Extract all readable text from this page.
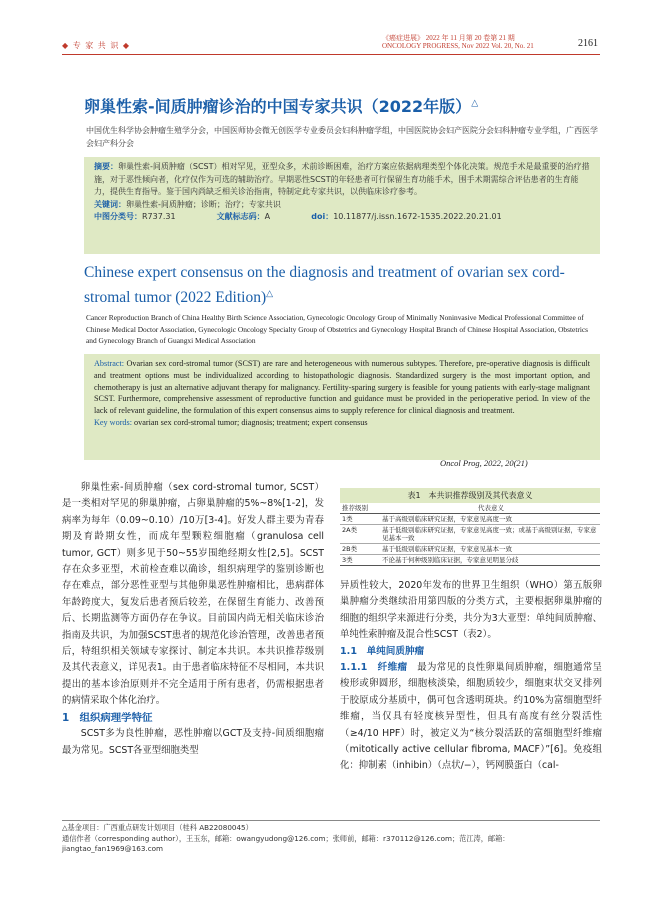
◆ 专 家 共 识 ◆
《癌症进展》 2022 年 11 月第 20 卷第 21 期
ONCOLOGY PROGRESS, Nov 2022 Vol. 20, No. 21	2161
卵巢性索-间质肿瘤诊治的中国专家共识（2022年版）△
中国优生科学协会肿瘤生殖学分会，中国医师协会微无创医学专业委员会妇科肿瘤学组，中国医院协会妇产医院分会妇科肿瘤专业学组，广西医学会妇产科分会
摘要：卵巢性索-间质肿瘤（SCST）相对罕见，亚型众多，术前诊断困难，治疗方案应依据病理类型个体化决策。规范手术是最重要的治疗措施，对于恶性倾向者，化疗仅作为可选的辅助治疗。早期恶性SCST的年轻患者可行保留生育功能手术，围手术期需综合评估患者的生育能力，提供生育指导。鉴于国内尚缺乏相关诊治指南，特制定此专家共识，以供临床诊疗参考。
关键词：卵巢性索-间质肿瘤；诊断；治疗；专家共识
中图分类号：R737.31	文献标志码：A	doi：10.11877/j.issn.1672-1535.2022.20.21.01
Chinese expert consensus on the diagnosis and treatment of ovarian sex cord-stromal tumor (2022 Edition)△
Cancer Reproduction Branch of China Healthy Birth Science Association, Gynecologic Oncology Group of Minimally Noninvasive Medical Professional Committee of Chinese Medical Doctor Association, Gynecologic Oncology Specialty Group of Obstetrics and Gynecology Hospital Branch of Chinese Hospital Association, Obstetrics and Gynecology Branch of Guangxi Medical Association
Abstract: Ovarian sex cord-stromal tumor (SCST) are rare and heterogeneous with numerous subtypes. Therefore, pre-operative diagnosis is difficult and treatment options must be individualized according to histopathologic diagnosis. Standardized surgery is the most important option, and chemotherapy is just an alternative adjuvant therapy for malignancy. Fertility-sparing surgery is feasible for young patients with early-stage malignant SCST. Furthermore, comprehensive assessment of reproductive function and guidance must be provided in the perioperative period. In view of the lack of relevant guideline, the formulation of this expert consensus aims to supply reference for clinical diagnosis and treatment.
Key words: ovarian sex cord-stromal tumor; diagnosis; treatment; expert consensus
Oncol Prog, 2022, 20(21)

卵巢性索-间质肿瘤（sex cord-stromal tumor, SCST）是一类相对罕见的卵巢肿瘤，占卵巢肿瘤的5%~8%[1-2]，发病率为每年（0.09~0.10）/10万[3-4]。好发人群主要为青春期及育龄期女性，而成年型颗粒细胞瘤（granulosa cell tumor, GCT）则多见于50~55岁围绝经期女性[2,5]。SCST存在众多亚型，术前检查难以确诊，组织病理学的鉴别诊断也存在难点，部分恶性亚型与其他卵巢恶性肿瘤相比，患病群体年龄跨度大，复发后患者预后较差，在保留生育能力、改善预后、长期监测等方面仍存在争议。目前国内尚无相关临床诊治指南及共识，为加强SCST患者的规范化诊治管理，改善患者预后，特组织相关领域专家探讨、制定本共识。本共识推荐级别及其代表意义，详见表1。由于患者临床特征不尽相同，本共识提出的基本诊治原则并不完全适用于所有患者，仍需根据患者的病情采取个体化治疗。

1　组织病理学特征

SCST多为良性肿瘤，恶性肿瘤以GCT及支持-间质细胞瘤最为常见。SCST各亚型细胞类型

表1　本共识推荐级别及其代表意义
推荐级别	代表意义
1类	基于高级别临床研究证据，专家意见高度一致
2A类	基于低级别临床研究证据，专家意见高度一致；或基于高级别证据，专家意见基本一致
2B类	基于低级别临床研究证据，专家意见基本一致
3类	不论基于何种级别临床证据，专家意见明显分歧

异质性较大，2020年发布的世界卫生组织（WHO）第五版卵巢肿瘤分类继续沿用第四版的分类方式，主要根据卵巢肿瘤的细胞的组织学来源进行分类，共分为3大亚型：单纯间质肿瘤、单纯性索肿瘤及混合性SCST（表2）。

1.1　单纯间质肿瘤

1.1.1　纤维瘤　 最为常见的良性卵巢间质肿瘤，细胞通常呈梭形或卵圆形，细胞核淡染，细胞质较少，细胞束状交叉排列于胶原成分基质中，偶可包含透明斑块。约10%为富细胞型纤维瘤，当仅具有轻度核异型性，但具有高度有丝分裂活性（≥4/10 HPF）时，被定义为“核分裂活跃的富细胞型纤维瘤（mitotically active cellular fibroma, MACF）”[6]。免疫组化：抑制素（inhibin）（点状/−），钙网膜蛋白（cal-

△基金项目：广西重点研发计划项目（桂科 AB22080045）
通信作者（corresponding author），王玉东，邮箱：owangyudong@126.com；张师前，邮箱：r370112@126.com；范江涛，邮箱：jiangtao_fan1969@163.com
